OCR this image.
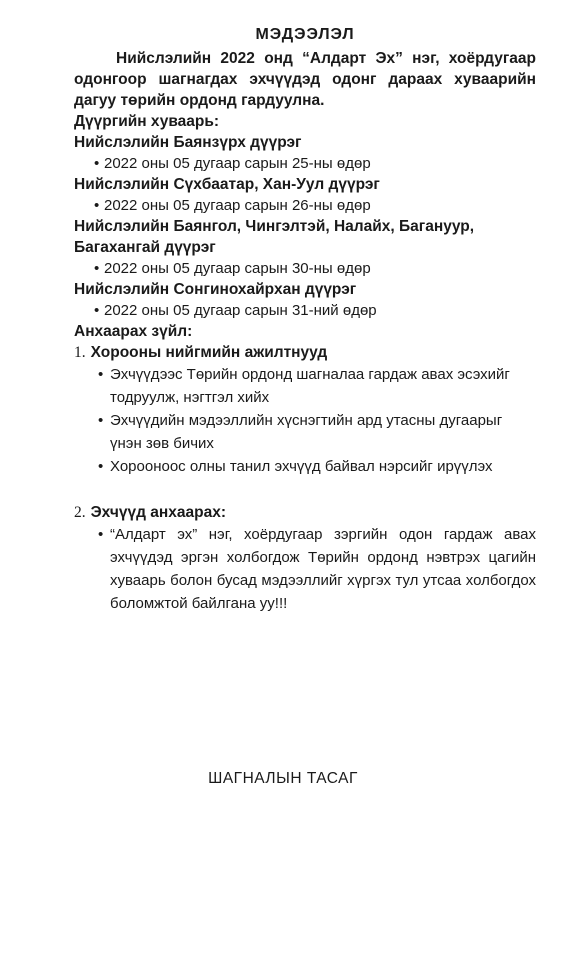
МЭДЭЭЛЭЛ

Нийслэлийн 2022 онд “Алдарт Эх” нэг, хоёрдугаар одонгоор шагнагдах эхчүүдэд одонг дараах хуваарийн дагуу төрийн ордонд гардуулна.

Дүүргийн хуваарь:

Нийслэлийн Баянзүрх дүүрэг

• 2022 оны 05 дугаар сарын 25-ны өдөр

Нийслэлийн Сүхбаатар, Хан-Уул дүүрэг

• 2022 оны 05 дугаар сарын 26-ны өдөр

Нийслэлийн Баянгол, Чингэлтэй, Налайх, Багануур, Багахангай дүүрэг

• 2022 оны 05 дугаар сарын 30-ны өдөр

Нийслэлийн Сонгинохайрхан дүүрэг

• 2022 оны 05 дугаар сарын 31-ний өдөр

Анхаарах зүйл:

1. Хорооны нийгмийн ажилтнууд

• Эхчүүдээс Төрийн ордонд шагналаа гардаж авах эсэхийг тодруулж, нэгтгэл хийх

• Эхчүүдийн мэдээллийн хүснэгтийн ард утасны дугаарыг үнэн зөв бичих

• Хорооноос олны танил эхчүүд байвал нэрсийг ирүүлэх

2. Эхчүүд анхаарах:

• “Алдарт эх” нэг, хоёрдугаар зэргийн одон гардаж авах эхчүүдэд эргэн холбогдож Төрийн ордонд нэвтрэх цагийн хуваарь болон бусад мэдээллийг хүргэх тул утсаа холбогдох боломжтой байлгана уу!!!

ШАГНАЛЫН ТАСАГ
